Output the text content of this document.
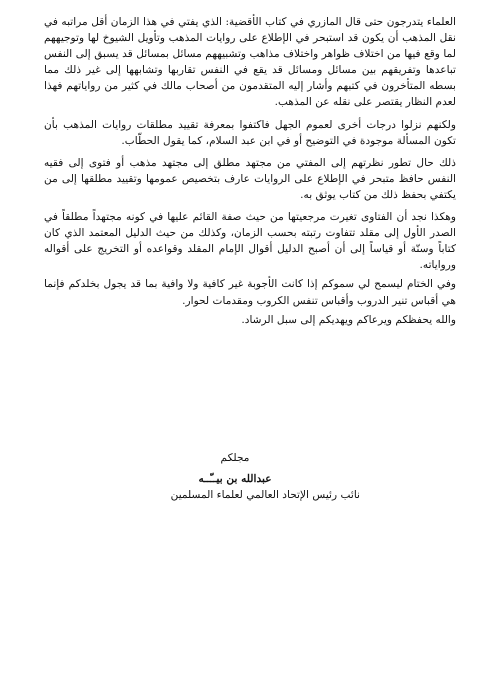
العلماء يتدرجون حتى قال المازري في كتاب الأقضية: الذي يفتي في هذا الزمان أقل مراتبه في نقل المذهب أن يكون قد استبحر في الإطلاع على روايات المذهب وتأويل الشيوخ لها وتوجيههم لما وقع فيها من اختلاف ظواهر واختلاف مذاهب وتشبيههم مسائل بمسائل قد يسبق إلى النفس تباعدها وتفريقهم بين مسائل ومسائل قد يقع في النفس تقاربها وتشابهها إلى غير ذلك مما بسطه المتأخرون في كتبهم وأشار إليه المتقدمون من أصحاب مالك في كثير من رواياتهم فهذا لعدم النظار يقتصر على نقله عن المذهب.

ولكنهم نزلوا درجات أخرى لعموم الجهل فاكتفوا بمعرفة تقييد مطلقات روايات المذهب بأن تكون المسألة موجودة في التوضيح أو في ابن عبد السلام، كما يقول الحطّاب.

ذلك حال تطور نظرتهم إلى المفتي من مجتهد مطلق إلى مجتهد مذهب أو فتوى إلى فقيه النفس حافظ متبحر في الإطلاع على الروايات عارف بتخصيص عمومها وتقييد مطلقها إلى من يكتفي بحفظ ذلك من كتاب يوثق به.

وهكذا نجد أن الفتاوى تغيرت مرجعيتها من حيث صفة القائم عليها في كونه مجتهداً مطلقاً في الصدر الأول إلى مقلد تتفاوت رتبته بحسب الزمان، وكذلك من حيث الدليل المعتمد الذي كان كتاباً وسنّة أو قياساً إلى أن أصبح الدليل أقوال الإمام المقلد وقواعده أو التخريج على أقواله ورواياته.

وفي الختام ليسمح لي سموكم إذا كانت الأجوبة غير كافية ولا وافية بما قد يجول بخلدكم فإنما هي أقباس تنير الدروب وأقباس تنفس الكروب ومقدمات لحوار.

والله يحفظكم ويرعاكم ويهديكم إلى سبل الرشاد.

مجلكم
عبدالله بن بيــّــه
نائب رئيس الإتحاد العالمي لعلماء المسلمين
